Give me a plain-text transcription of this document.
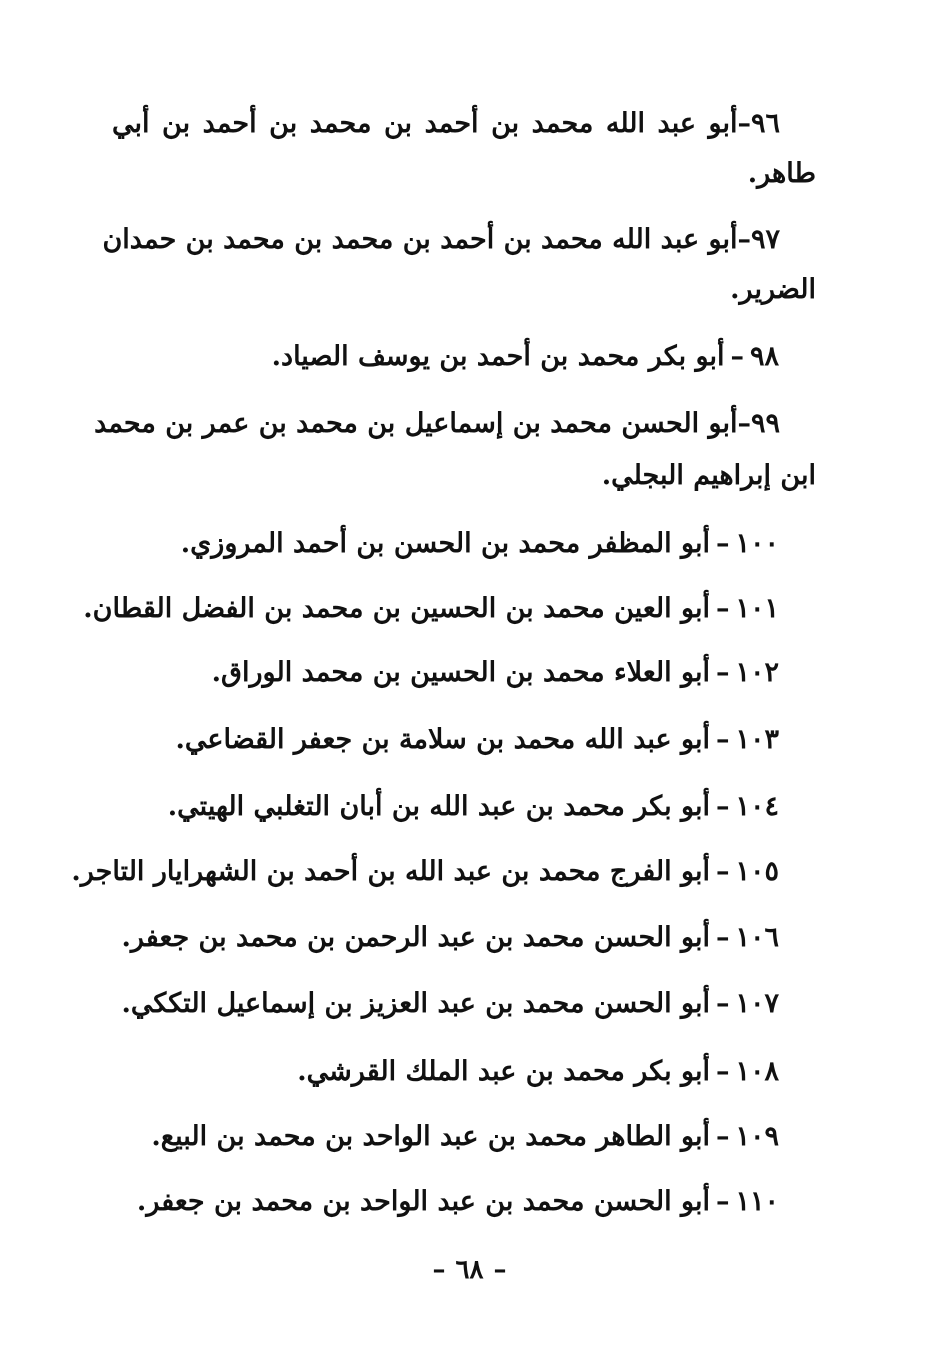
٩٦–أبو عبد الله محمد بن أحمد بن محمد بن أحمد بن أبي
طاهر.
٩٧–أبو عبد الله محمد بن أحمد بن محمد بن محمد بن حمدان
الضرير.
٩٨–أبو بكر محمد بن أحمد بن يوسف الصياد.
٩٩–أبو الحسن محمد بن إسماعيل بن محمد بن عمر بن محمد
ابن إبراهيم البجلي.
١٠٠–أبو المظفر محمد بن الحسن بن أحمد المروزي.
١٠١–أبو العين محمد بن الحسين بن محمد بن الفضل القطان.
١٠٢–أبو العلاء محمد بن الحسين بن محمد الوراق.
١٠٣–أبو عبد الله محمد بن سلامة بن جعفر القضاعي.
١٠٤–أبو بكر محمد بن عبد الله بن أبان التغلبي الهيتي.
١٠٥–أبو الفرج محمد بن عبد الله بن أحمد بن الشهرايار التاجر.
١٠٦–أبو الحسن محمد بن عبد الرحمن بن محمد بن جعفر.
١٠٧–أبو الحسن محمد بن عبد العزيز بن إسماعيل التككي.
١٠٨–أبو بكر محمد بن عبد الملك القرشي.
١٠٩–أبو الطاهر محمد بن عبد الواحد بن محمد بن البيع.
١١٠–أبو الحسن محمد بن عبد الواحد بن محمد بن جعفر.
–٦٨–
